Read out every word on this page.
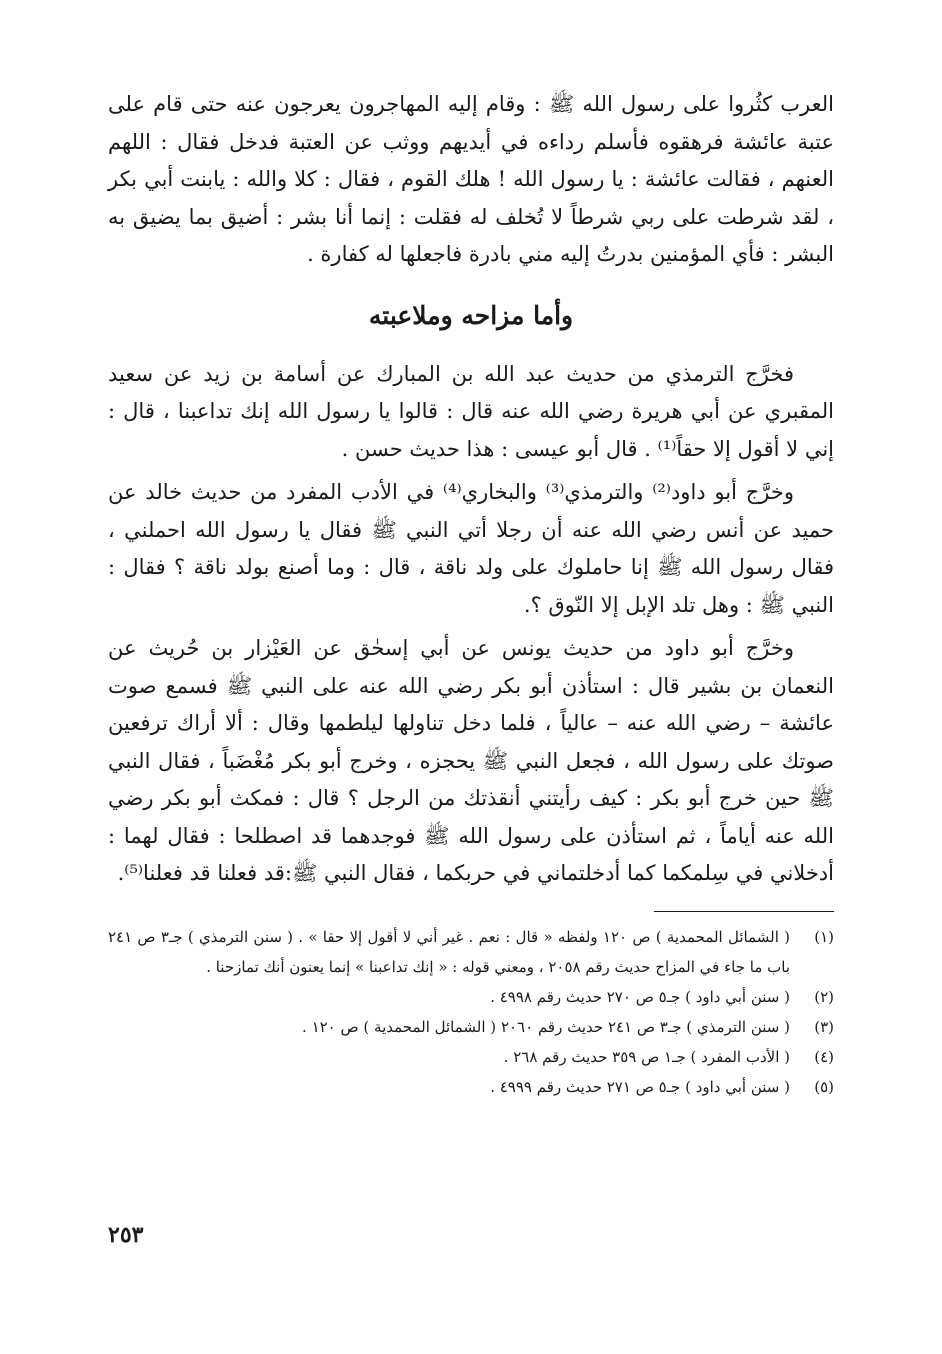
العرب كثُروا على رسول الله ﷺ : وقام إليه المهاجرون يعرجون عنه حتى قام على عتبة عائشة فرهقوه فأسلم رداءه في أيديهم ووثب عن العتبة فدخل فقال : اللهم العنهم ، فقالت عائشة : يا رسول الله ! هلك القوم ، فقال : كلا والله : يابنت أبي بكر ، لقد شرطت على ربي شرطاً لا تُخلف له فقلت : إنما أنا بشر : أضيق بما يضيق به البشر : فأي المؤمنين بدرتُ إليه مني بادرة فاجعلها له كفارة .

وأما مزاحه وملاعبته

فخرَّج الترمذي من حديث عبد الله بن المبارك عن أسامة بن زيد عن سعيد المقبري عن أبي هريرة رضي الله عنه قال : قالوا يا رسول الله إنك تداعبنا ، قال : إني لا أقول إلا حقاً⁽¹⁾ . قال أبو عيسى : هذا حديث حسن .

وخرَّج أبو داود⁽²⁾ والترمذي⁽³⁾ والبخاري⁽⁴⁾ في الأدب المفرد من حديث خالد عن حميد عن أنس رضي الله عنه أن رجلا أتي النبي ﷺ فقال يا رسول الله احملني ، فقال رسول الله ﷺ إنا حاملوك على ولد ناقة ، قال : وما أصنع بولد ناقة ؟ فقال : النبي ﷺ : وهل تلد الإبل إلا النّوق ؟.

وخرَّج أبو داود من حديث يونس عن أبي إسحٰق عن العَيْزار بن حُريث عن النعمان بن بشير قال : استأذن أبو بكر رضي الله عنه على النبي ﷺ فسمع صوت عائشة – رضي الله عنه – عالياً ، فلما دخل تناولها ليلطمها وقال : ألا أراك ترفعين صوتك على رسول الله ، فجعل النبي ﷺ يحجزه ، وخرج أبو بكر مُغْضَباً ، فقال النبي ﷺ حين خرج أبو بكر : كيف رأيتني أنقذتك من الرجل ؟ قال : فمكث أبو بكر رضي الله عنه أياماً ، ثم استأذن على رسول الله ﷺ فوجدهما قد اصطلحا : فقال لهما : أدخلاني في سِلمكما كما أدخلتماني في حربكما ، فقال النبي ﷺ:قد فعلنا قد فعلنا⁽⁵⁾.

(١)
( الشمائل المحمدية ) ص ١٢٠ ولفظه « قال : نعم . غير أني لا أقول إلا حقا » . ( سنن الترمذي ) جـ٣ ص ٢٤١ باب ما جاء في المزاح حديث رقم ٢٠٥٨ ، ومعني قوله : « إنك تداعبنا » إنما يعنون أنك تمازحنا .
(٢)
( سنن أبي داود ) جـ٥ ص ٢٧٠ حديث رقم ٤٩٩٨ .
(٣)
( سنن الترمذي ) جـ٣ ص ٢٤١ حديث رقم ٢٠٦٠ ( الشمائل المحمدية ) ص ١٢٠ .
(٤)
( الأدب المفرد ) جـ١ ص ٣٥٩ حديث رقم ٢٦٨ .
(٥)
( سنن أبي داود ) جـ٥ ص ٢٧١ حديث رقم ٤٩٩٩ .
٢٥٣
